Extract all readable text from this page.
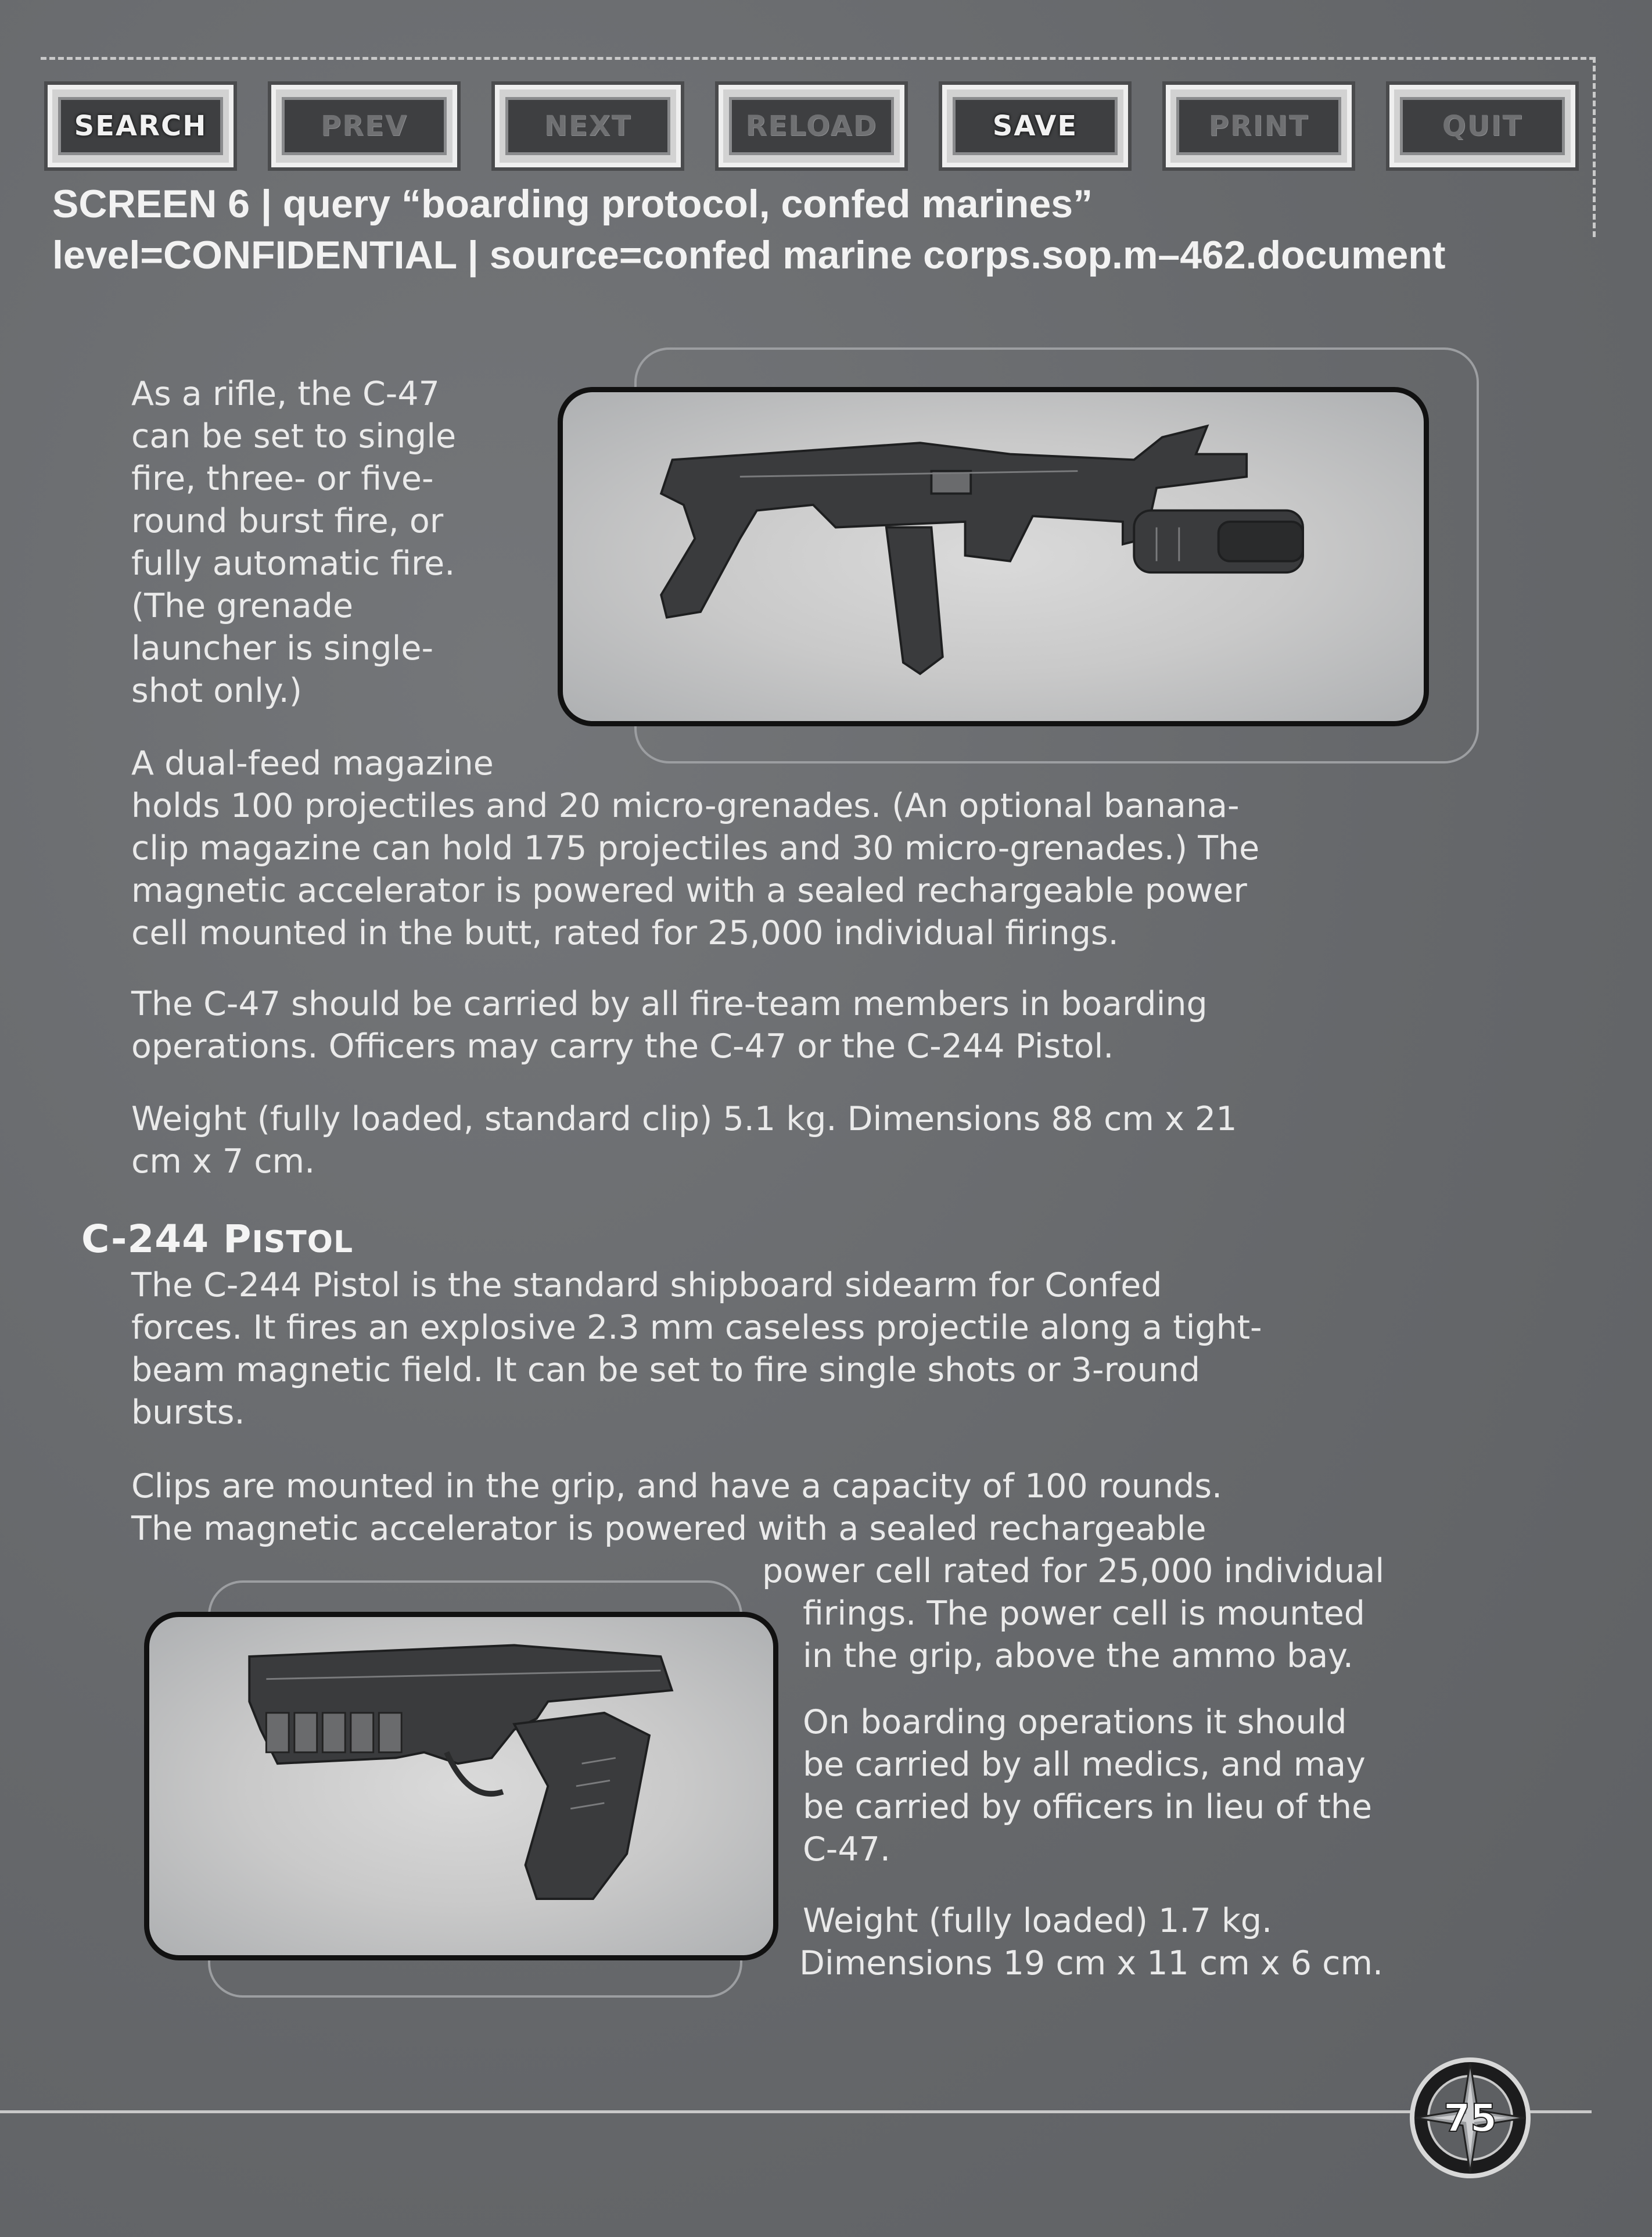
SEARCH	PREV	NEXT	RELOAD	SAVE	PRINT	QUIT
SCREEN 6 | query “boarding protocol, confed marines”
level=CONFIDENTIAL | source=confed marine corps.sop.m–462.document
As a rifle, the C-47
can be set to single
fire, three- or five-
round burst fire, or
fully automatic fire.
(The grenade
launcher is single-
shot only.)
A dual-feed magazine
holds 100 projectiles and 20 micro-grenades. (An optional banana-
clip magazine can hold 175 projectiles and 30 micro-grenades.) The
magnetic accelerator is powered with a sealed rechargeable power
cell mounted in the butt, rated for 25,000 individual firings.
The C-47 should be carried by all fire-team members in boarding
operations. Officers may carry the C-47 or the C-244 Pistol.
Weight (fully loaded, standard clip) 5.1 kg. Dimensions 88 cm x 21
cm x 7 cm.
C-244 PISTOL
The C-244 Pistol is the standard shipboard sidearm for Confed
forces. It fires an explosive 2.3 mm caseless projectile along a tight-
beam magnetic field. It can be set to fire single shots or 3-round
bursts.
Clips are mounted in the grip, and have a capacity of 100 rounds.
The magnetic accelerator is powered with a sealed rechargeable
power cell rated for 25,000 individual
firings. The power cell is mounted
in the grip, above the ammo bay.
On boarding operations it should
be carried by all medics, and may
be carried by officers in lieu of the
C-47.
Weight (fully loaded) 1.7 kg.
Dimensions 19 cm x 11 cm x 6 cm.
75
